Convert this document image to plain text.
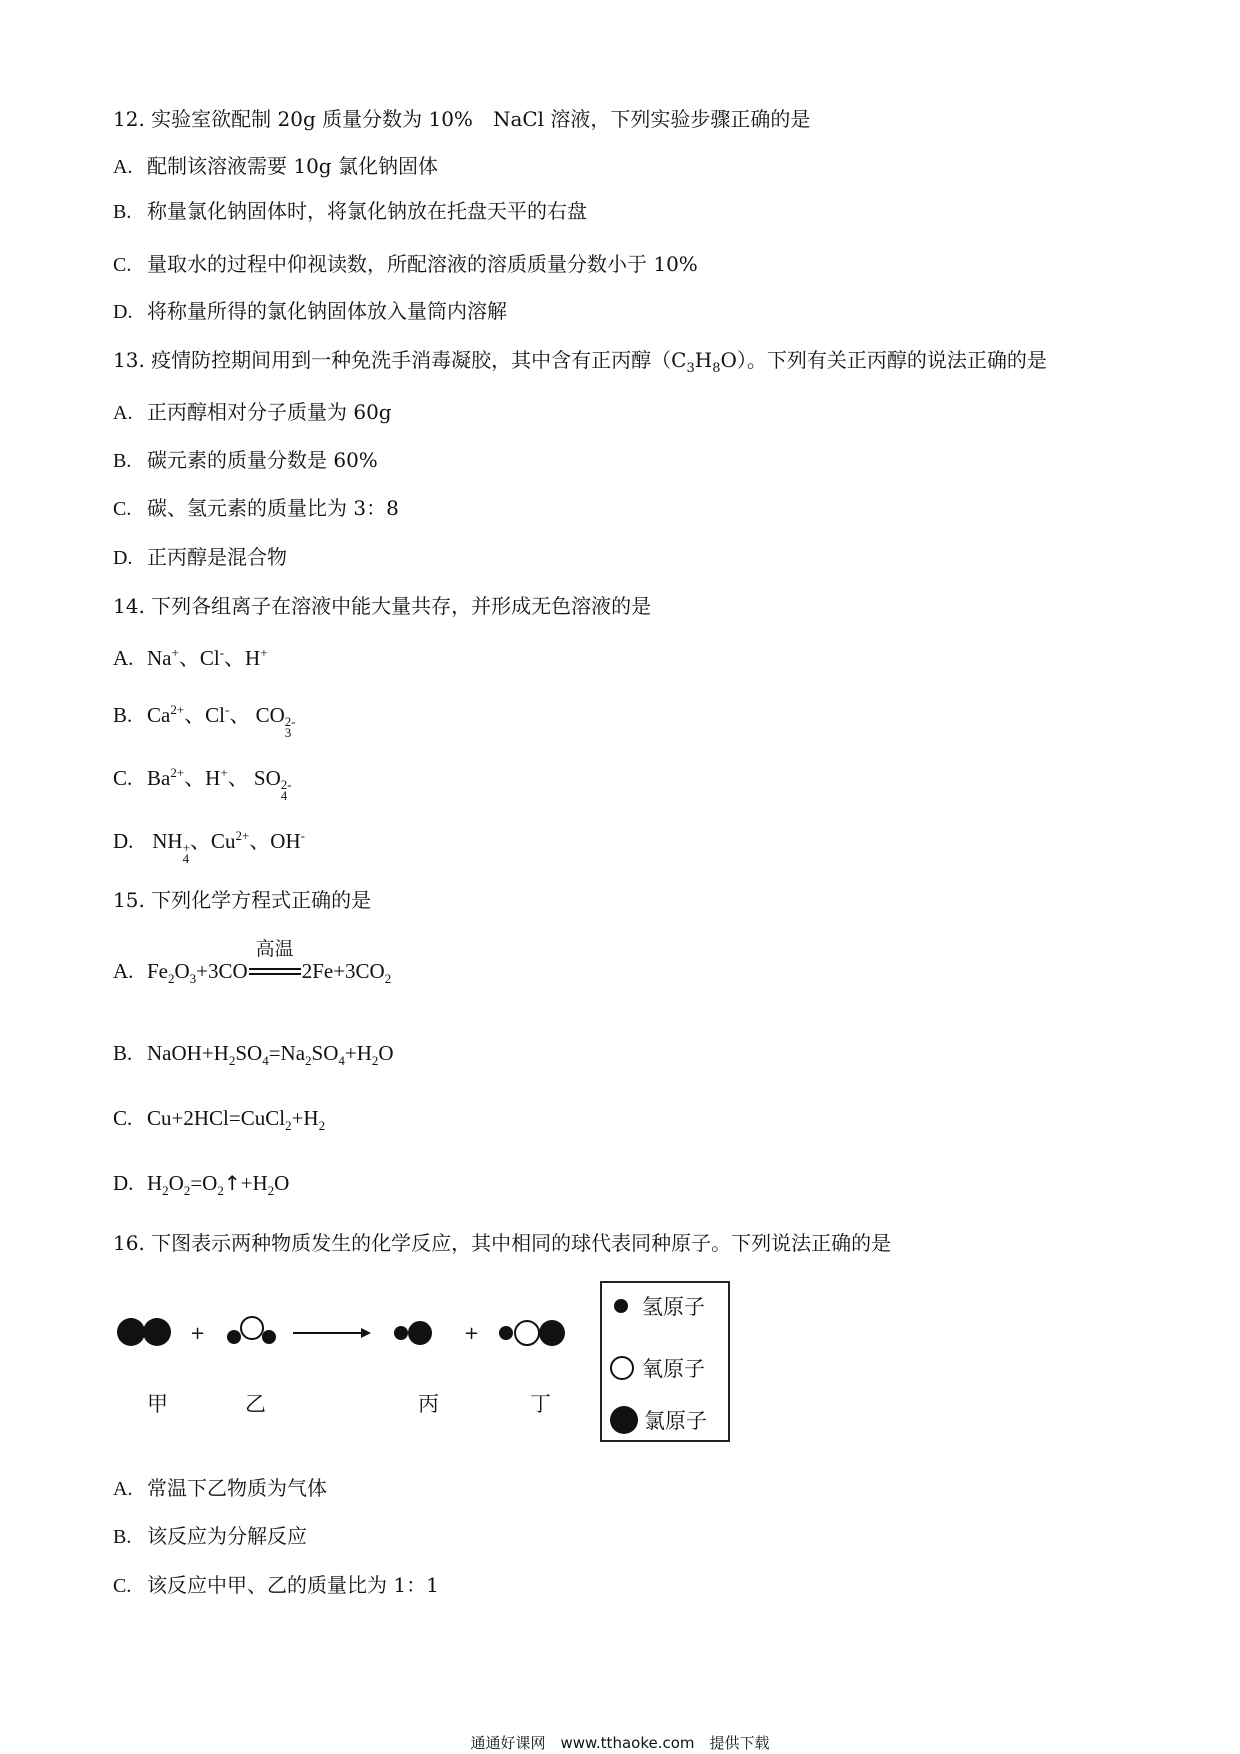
12. 实验室欲配制 20g 质量分数为 10%　NaCl 溶液，下列实验步骤正确的是
A. 配制该溶液需要 10g 氯化钠固体
B. 称量氯化钠固体时，将氯化钠放在托盘天平的右盘
C. 量取水的过程中仰视读数，所配溶液的溶质质量分数小于 10%
D. 将称量所得的氯化钠固体放入量筒内溶解
13. 疫情防控期间用到一种免洗手消毒凝胶，其中含有正丙醇$(C_3H_8O)$。下列有关正丙醇的说法正确的是
A. 正丙醇相对分子质量为 60g
B. 碳元素的质量分数是 60%
C. 碳、氢元素的质量比为 3：8
D. 正丙醇是混合物
14. 下列各组离子在溶液中能大量共存，并形成无色溶液的是
A. Na+、Cl-、H+
B. $Ca^{2+}$、Cl-、 $CO^{2-}$
$_3$
C. $Ba^{2+}$、H+、 $SO^{2-}$
$_4$
D. NH+
$_4$
、$Cu^{2+}$、OH-
15. 下列化学方程式正确的是
A. $Fe_2O_3+3CO$
高温
$2Fe+3CO_2$
B. $NaOH+H_2SO_4=Na_2SO_4+H_2O$
C. $Cu+2HCl=CuCl_2+H_2$
D. $H_2O_2=O_2↑+H_2O$
16. 下图表示两种物质发生的化学反应，其中相同的球代表同种原子。下列说法正确的是
+	+
甲	乙	丙	丁
氢原子
氧原子
氯原子
A. 常温下乙物质为气体
B. 该反应为分解反应
C. 该反应中甲、乙的质量比为 1：1
通通好课网　www.tthaoke.com　提供下载
